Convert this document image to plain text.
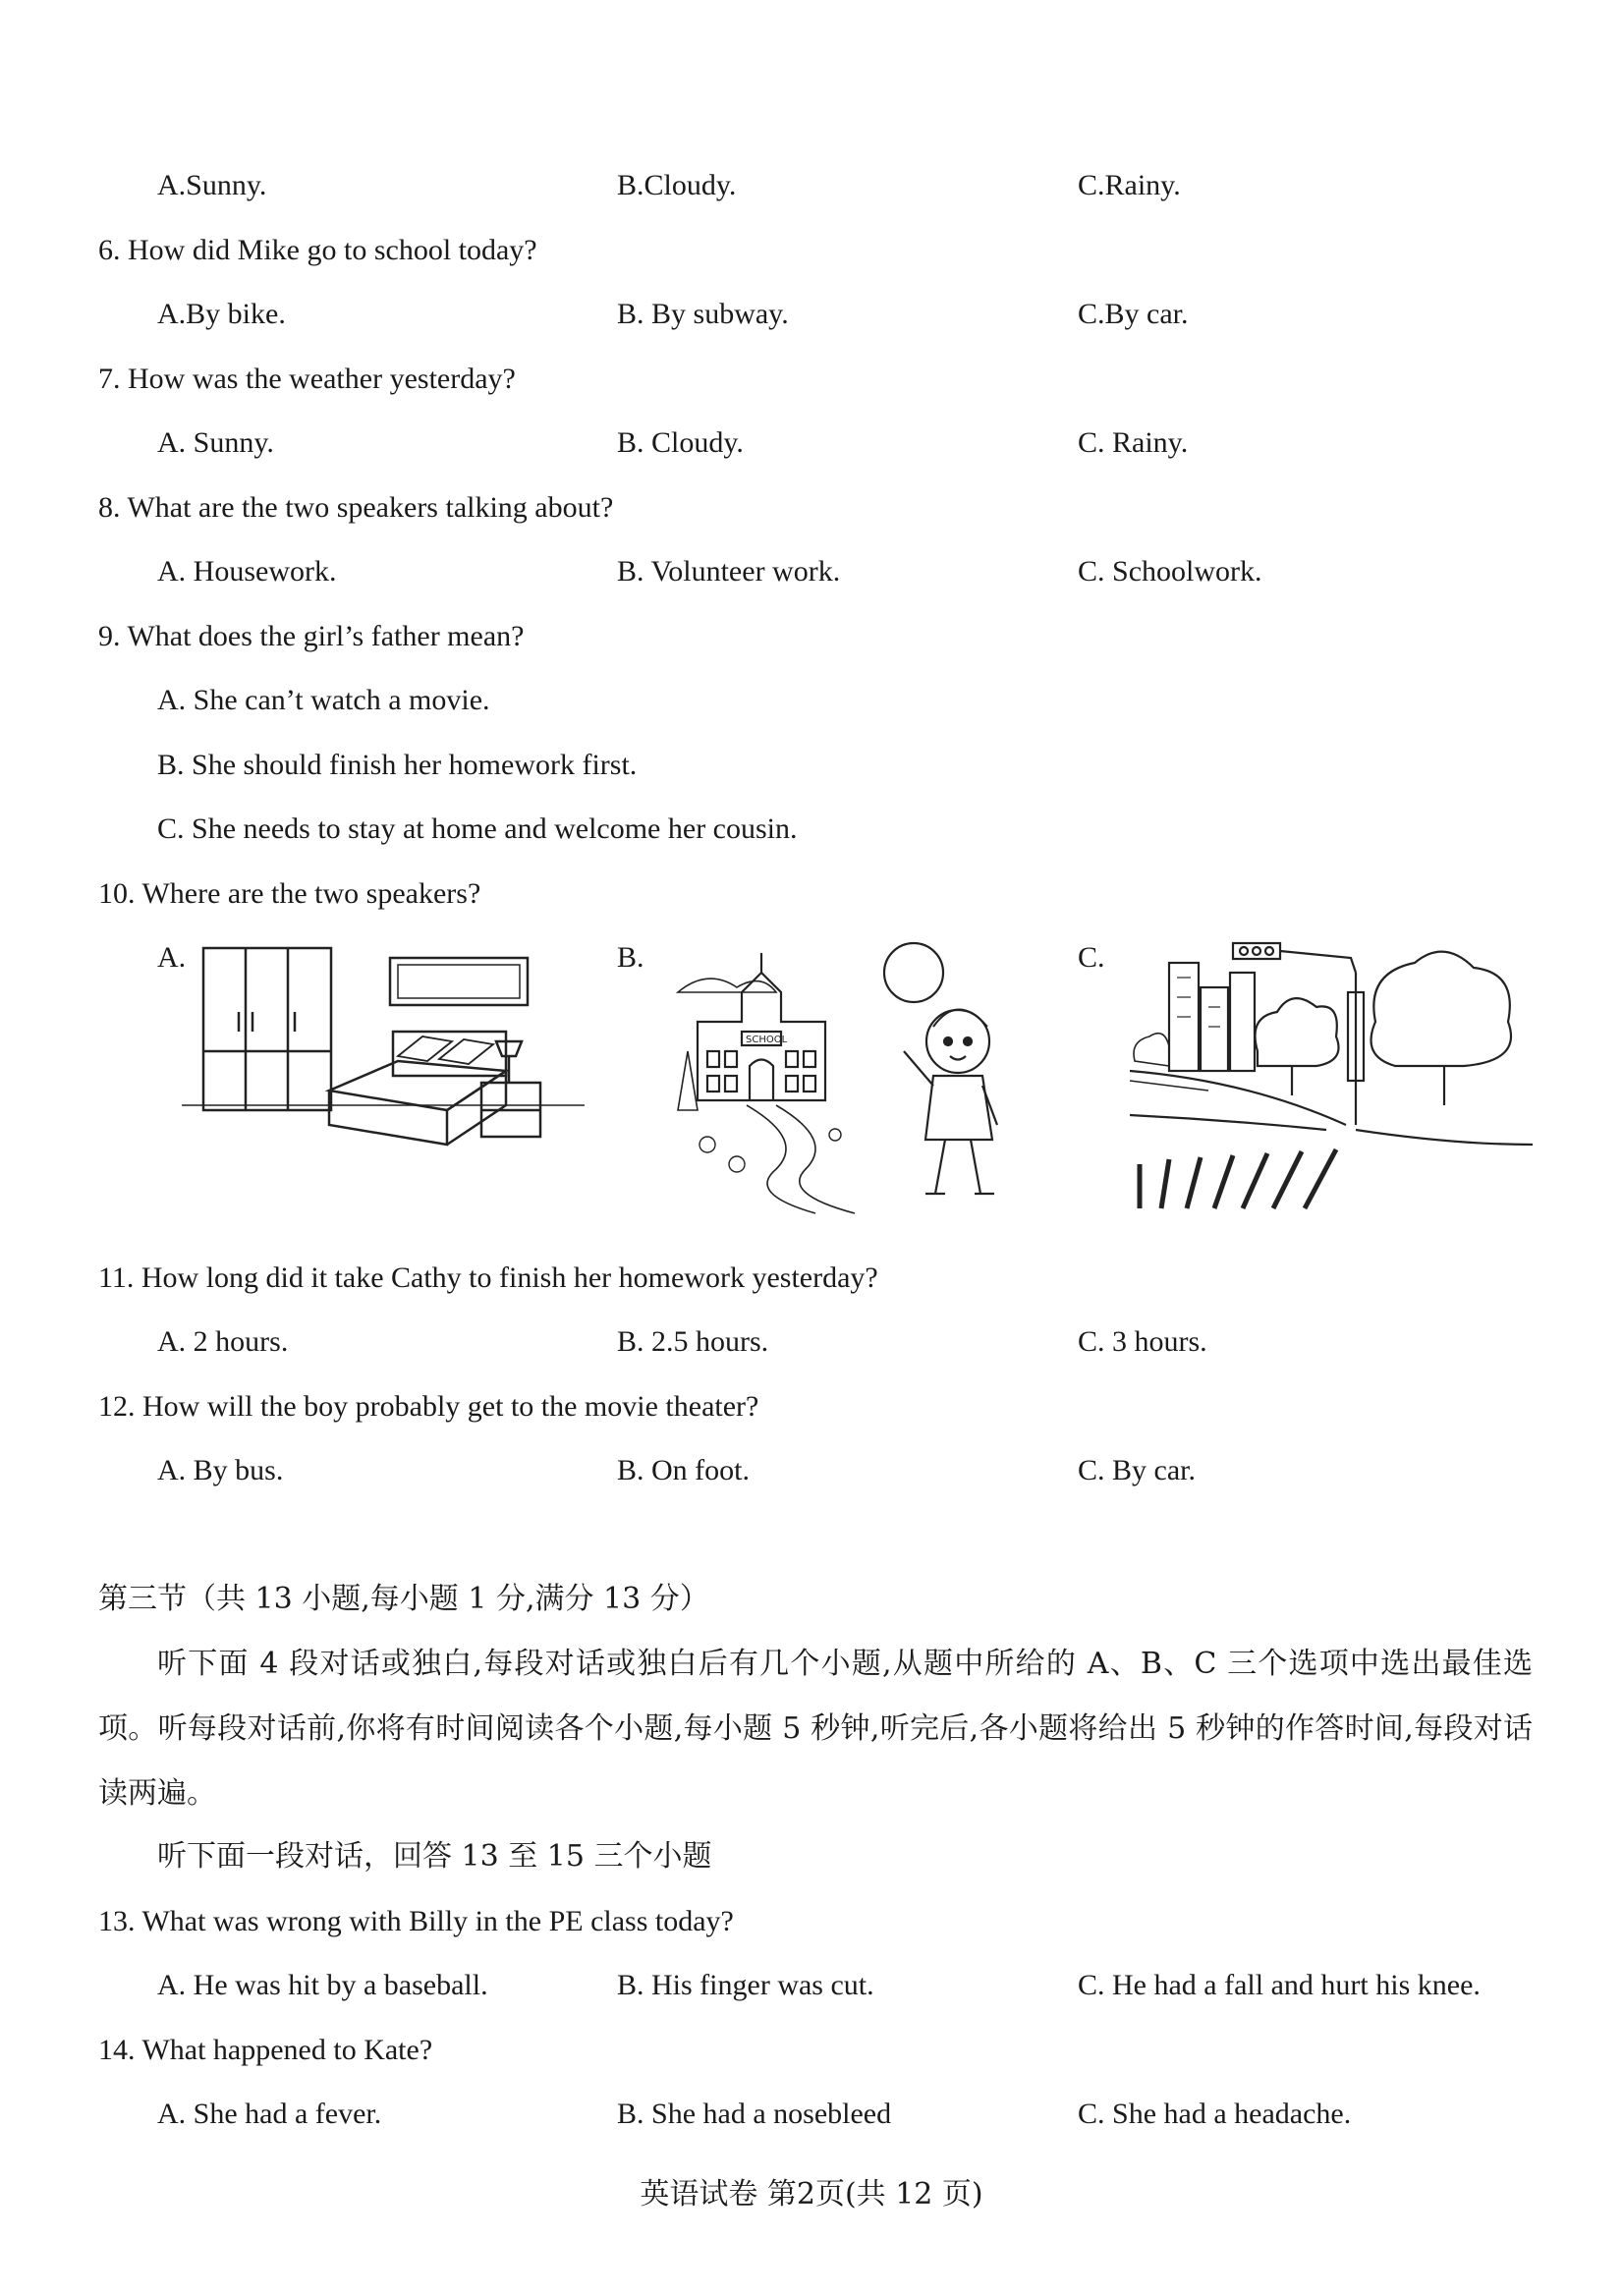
A.Sunny.	B.Cloudy.	C.Rainy.
6. How did Mike go to school today?
A.By bike.	B. By subway.	C.By car.
7. How was the weather yesterday?
A. Sunny.	B. Cloudy.	C. Rainy.
8. What are the two speakers talking about?
A. Housework.	B. Volunteer work.	C. Schoolwork.
9. What does the girl’s father mean?
A. She can’t watch a movie.
B. She should finish her homework first.
C. She needs to stay at home and welcome her cousin.
10. Where are the two speakers?
A.	B.	C.
SCHOOL
11. How long did it take Cathy to finish her homework yesterday?
A. 2 hours.	B. 2.5 hours.	C. 3 hours.
12. How will the boy probably get to the movie theater?
A. By bus.	B. On foot.	C. By car.
第三节（共 13 小题,每小题 1 分,满分 13 分）
听下面 4 段对话或独白,每段对话或独白后有几个小题,从题中所给的 A、B、C 三个选项中选出最佳选项。听每段对话前,你将有时间阅读各个小题,每小题 5 秒钟,听完后,各小题将给出 5 秒钟的作答时间,每段对话读两遍。
听下面一段对话，回答 13 至 15 三个小题
13. What was wrong with Billy in the PE class today?
A. He was hit by a baseball.	B. His finger was cut.	C. He had a fall and hurt his knee.
14. What happened to Kate?
A. She had a fever.	B. She had a nosebleed	C. She had a headache.
英语试卷 第2页(共 12 页)
